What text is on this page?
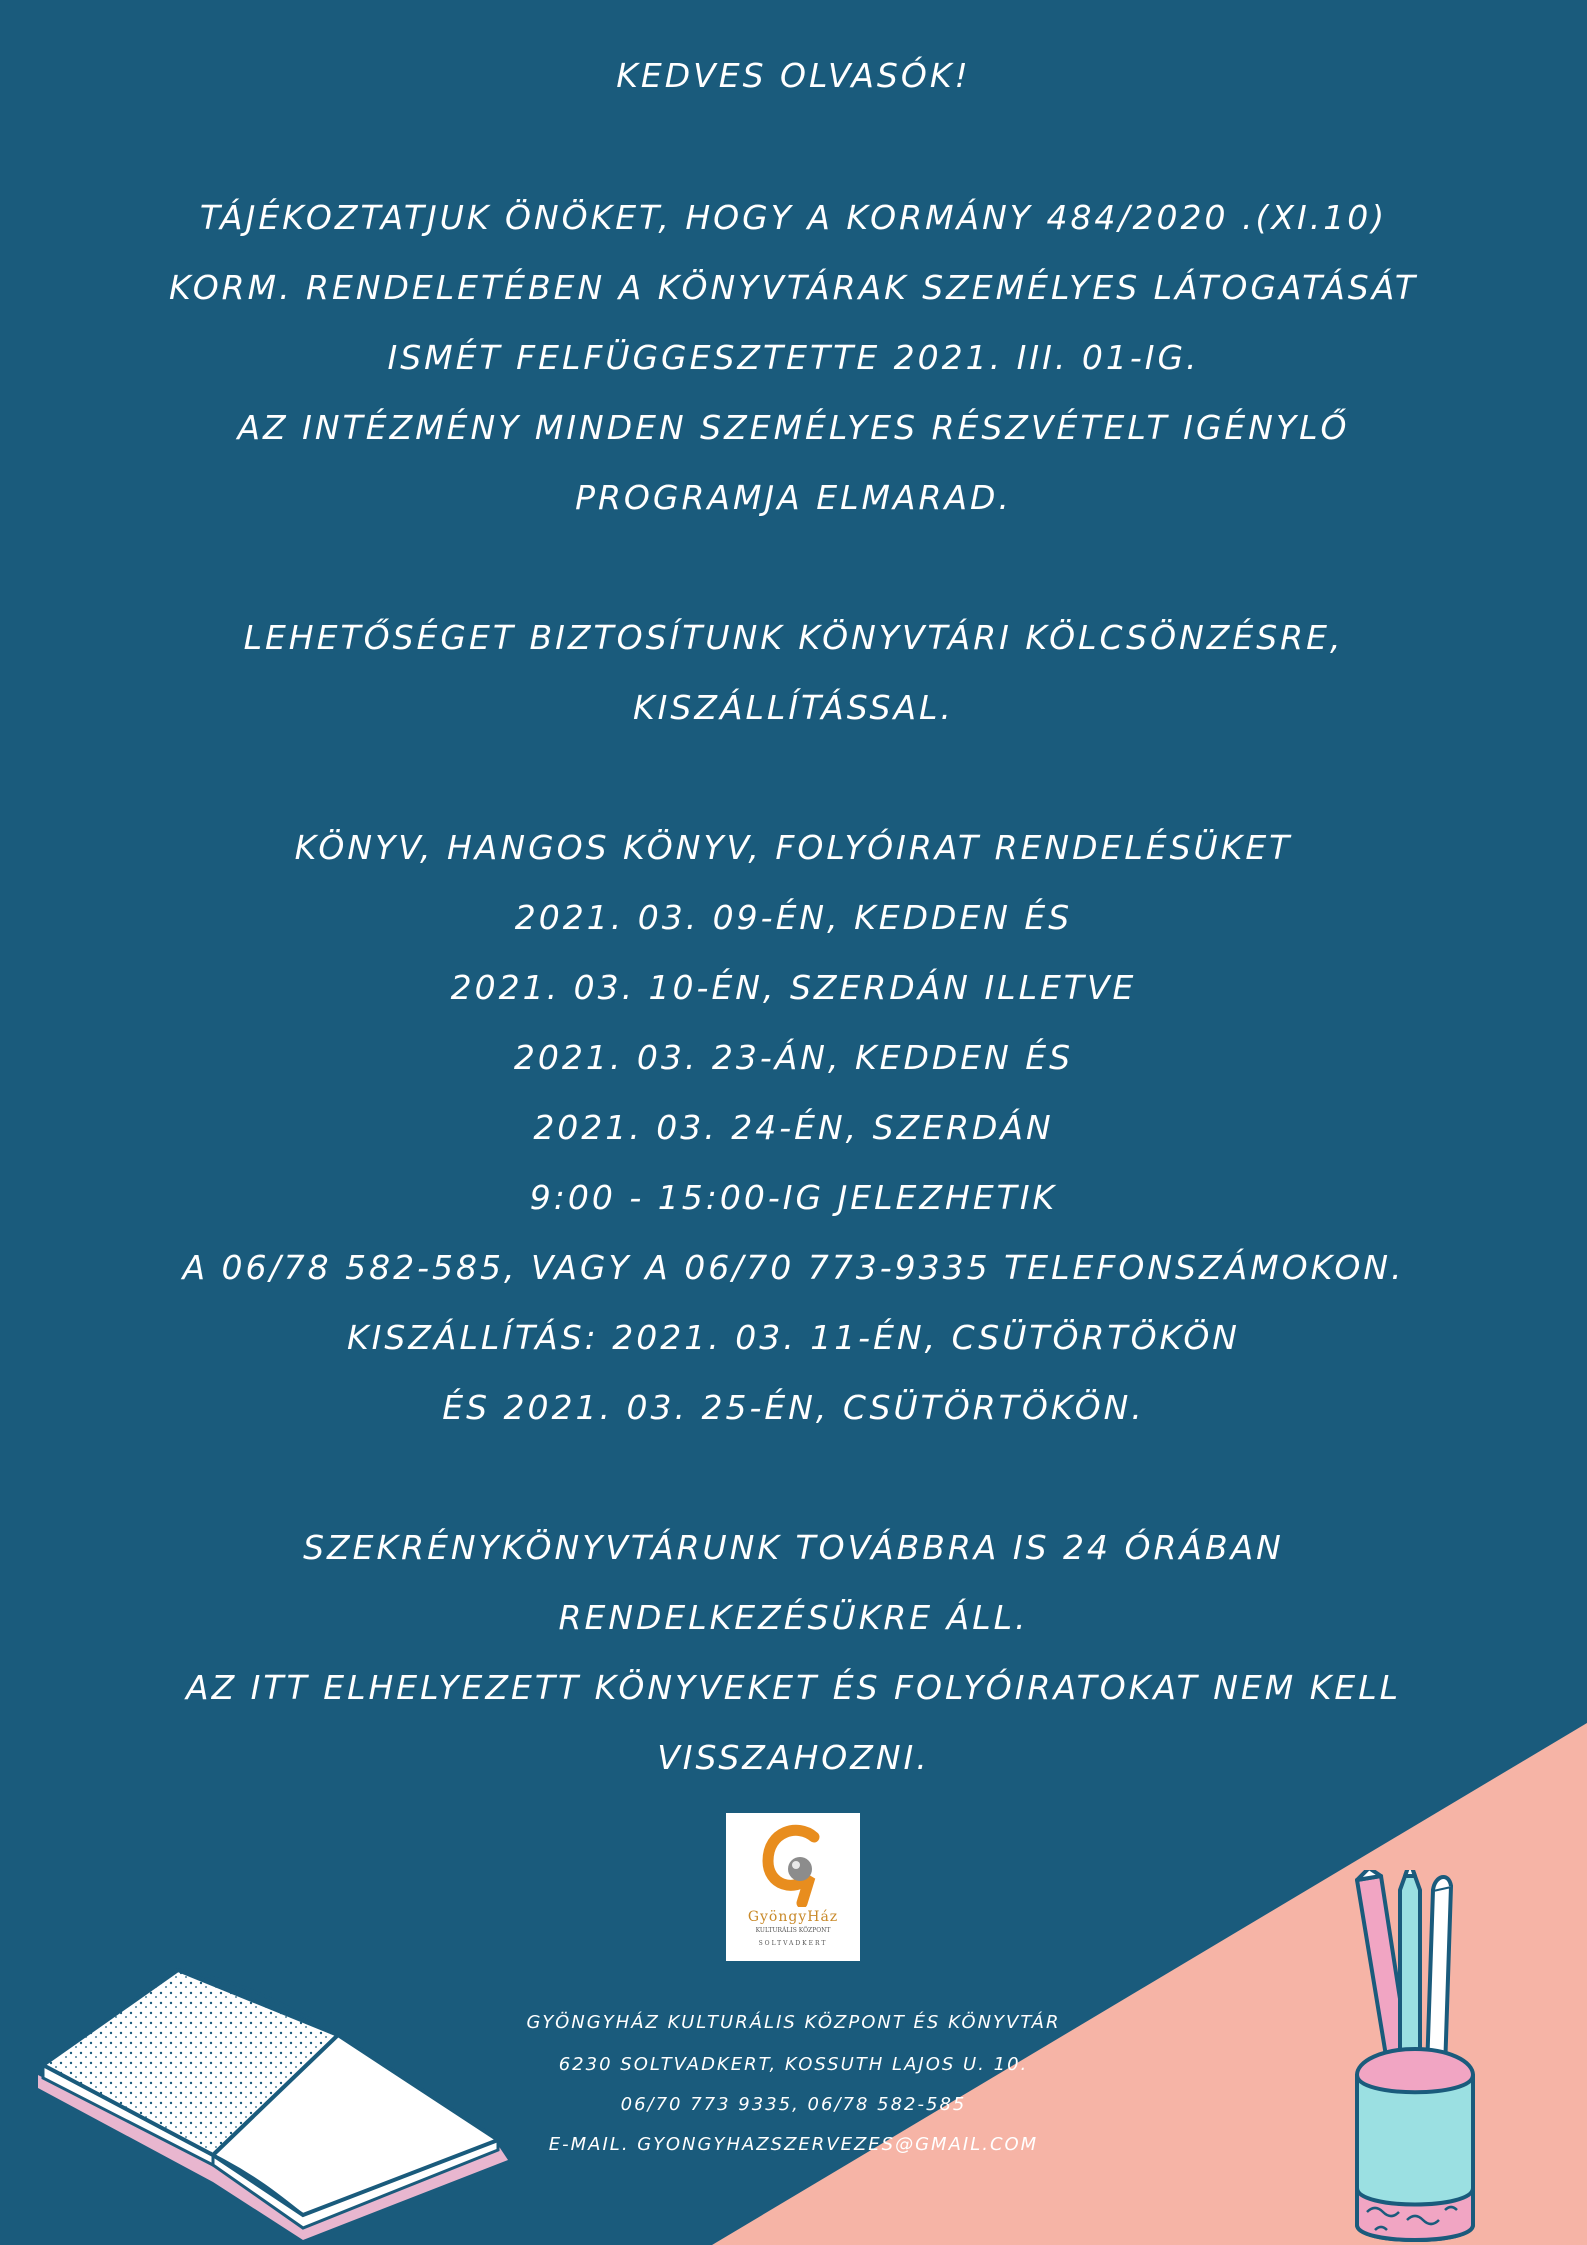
KEDVES OLVASÓK!
TÁJÉKOZTATJUK ÖNÖKET, HOGY A KORMÁNY 484/2020 .(XI.10)
KORM. RENDELETÉBEN A KÖNYVTÁRAK SZEMÉLYES LÁTOGATÁSÁT
ISMÉT FELFÜGGESZTETTE 2021. III. 01-IG.
AZ INTÉZMÉNY MINDEN SZEMÉLYES RÉSZVÉTELT IGÉNYLŐ
PROGRAMJA ELMARAD.
LEHETŐSÉGET BIZTOSÍTUNK KÖNYVTÁRI KÖLCSÖNZÉSRE,
KISZÁLLÍTÁSSAL.
KÖNYV, HANGOS KÖNYV, FOLYÓIRAT RENDELÉSÜKET
2021. 03. 09-ÉN, KEDDEN ÉS
2021. 03. 10-ÉN, SZERDÁN ILLETVE
2021. 03. 23-ÁN, KEDDEN ÉS
2021. 03. 24-ÉN, SZERDÁN
9:00 - 15:00-IG JELEZHETIK
A 06/78 582-585, VAGY A 06/70 773-9335 TELEFONSZÁMOKON.
KISZÁLLÍTÁS: 2021. 03. 11-ÉN, CSÜTÖRTÖKÖN
ÉS 2021. 03. 25-ÉN, CSÜTÖRTÖKÖN.
SZEKRÉNYKÖNYVTÁRUNK TOVÁBBRA IS 24 ÓRÁBAN
RENDELKEZÉSÜKRE ÁLL.
AZ ITT ELHELYEZETT KÖNYVEKET ÉS FOLYÓIRATOKAT NEM KELL
VISSZAHOZNI.
GyöngyHáz
KULTURÁLIS KÖZPONT
SOLTVADKERT
GYÖNGYHÁZ KULTURÁLIS KÖZPONT ÉS KÖNYVTÁR
6230 SOLTVADKERT, KOSSUTH LAJOS U. 10.
06/70 773 9335, 06/78 582-585
E-MAIL. GYONGYHAZSZERVEZES@GMAIL.COM
